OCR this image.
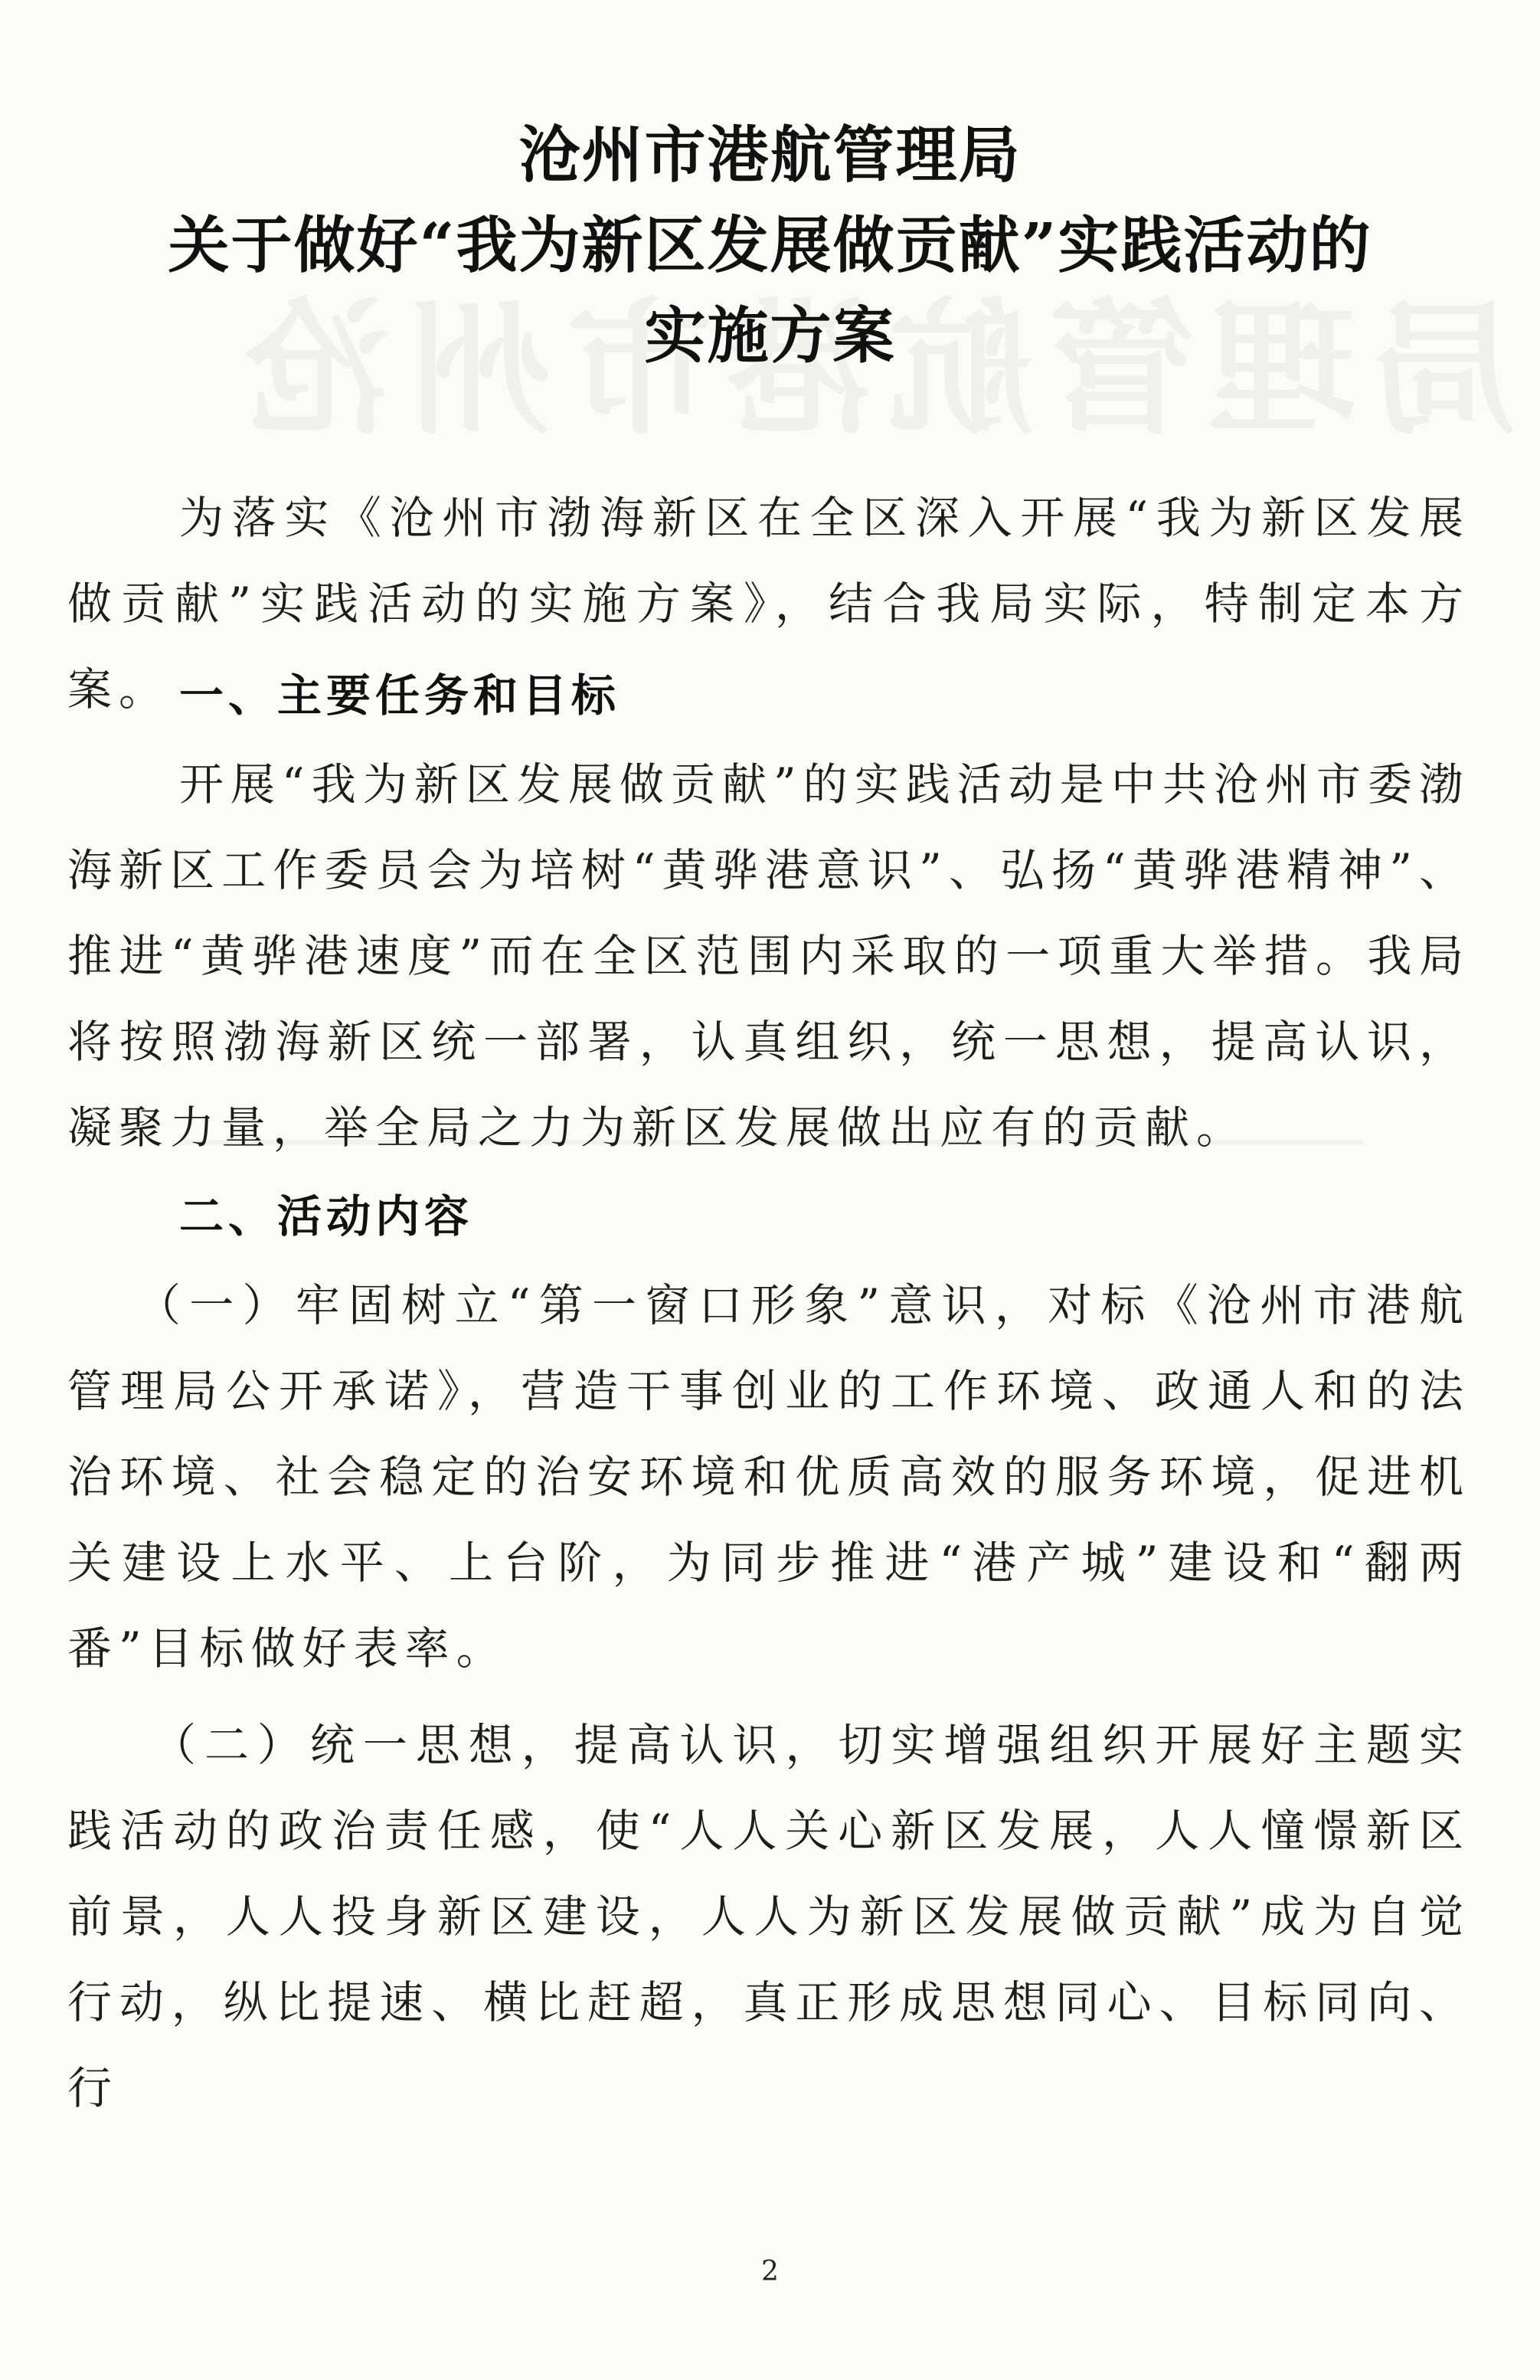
沧州市港航管理局
关于做好“我为新区发展做贡献”实践活动的
实施方案
为落实《沧州市渤海新区在全区深入开展“我为新区发展做贡献”实践活动的实施方案》，结合我局实际，特制定本方案。 一、主要任务和目标
开展“我为新区发展做贡献”的实践活动是中共沧州市委渤海新区工作委员会为培树“黄骅港意识”、弘扬“黄骅港精神”、推进“黄骅港速度”而在全区范围内采取的一项重大举措。我局将按照渤海新区统一部署，认真组织，统一思想，提高认识，凝聚力量，举全局之力为新区发展做出应有的贡献。
二、活动内容
（一）牢固树立“第一窗口形象”意识，对标《沧州市港航管理局公开承诺》，营造干事创业的工作环境、政通人和的法治环境、社会稳定的治安环境和优质高效的服务环境，促进机关建设上水平、上台阶，为同步推进“港产城”建设和“翻两番”目标做好表率。
（二）统一思想，提高认识，切实增强组织开展好主题实践活动的政治责任感，使“人人关心新区发展，人人憧憬新区前景，人人投身新区建设，人人为新区发展做贡献”成为自觉行动，纵比提速、横比赶超，真正形成思想同心、目标同向、行
2
